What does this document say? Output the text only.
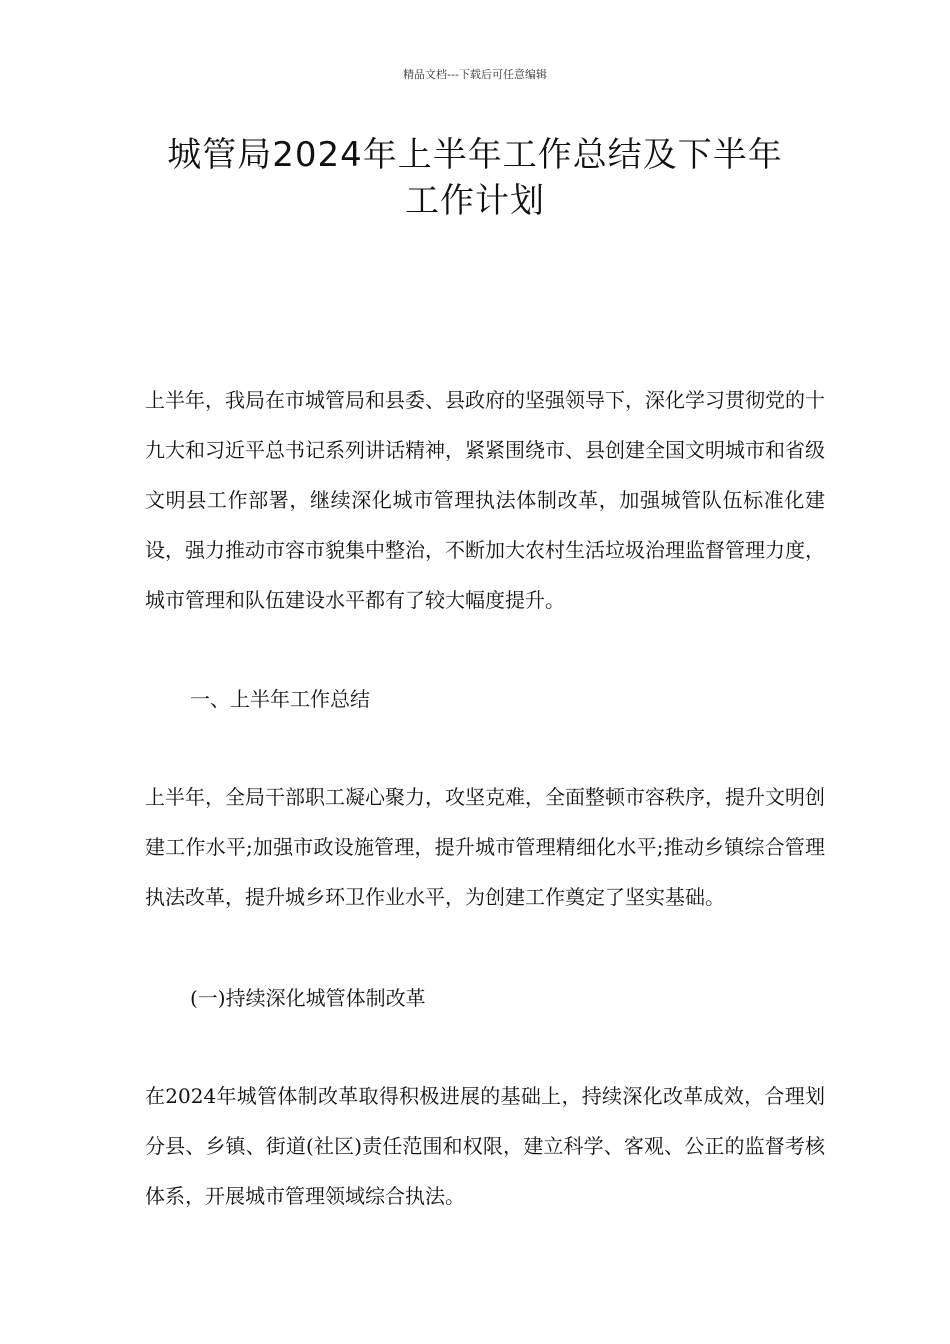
精品文档---下载后可任意编辑
城管局2024年上半年工作总结及下半年工作计划

上半年，我局在市城管局和县委、县政府的坚强领导下，深化学习贯彻党的十九大和习近平总书记系列讲话精神，紧紧围绕市、县创建全国文明城市和省级文明县工作部署，继续深化城市管理执法体制改革，加强城管队伍标准化建设，强力推动市容市貌集中整治，不断加大农村生活垃圾治理监督管理力度，城市管理和队伍建设水平都有了较大幅度提升。

一、上半年工作总结

上半年，全局干部职工凝心聚力，攻坚克难，全面整顿市容秩序，提升文明创建工作水平;加强市政设施管理，提升城市管理精细化水平;推动乡镇综合管理执法改革，提升城乡环卫作业水平，为创建工作奠定了坚实基础。

(一)持续深化城管体制改革

在2024年城管体制改革取得积极进展的基础上，持续深化改革成效，合理划分县、乡镇、街道(社区)责任范围和权限，建立科学、客观、公正的监督考核体系，开展城市管理领域综合执法。
